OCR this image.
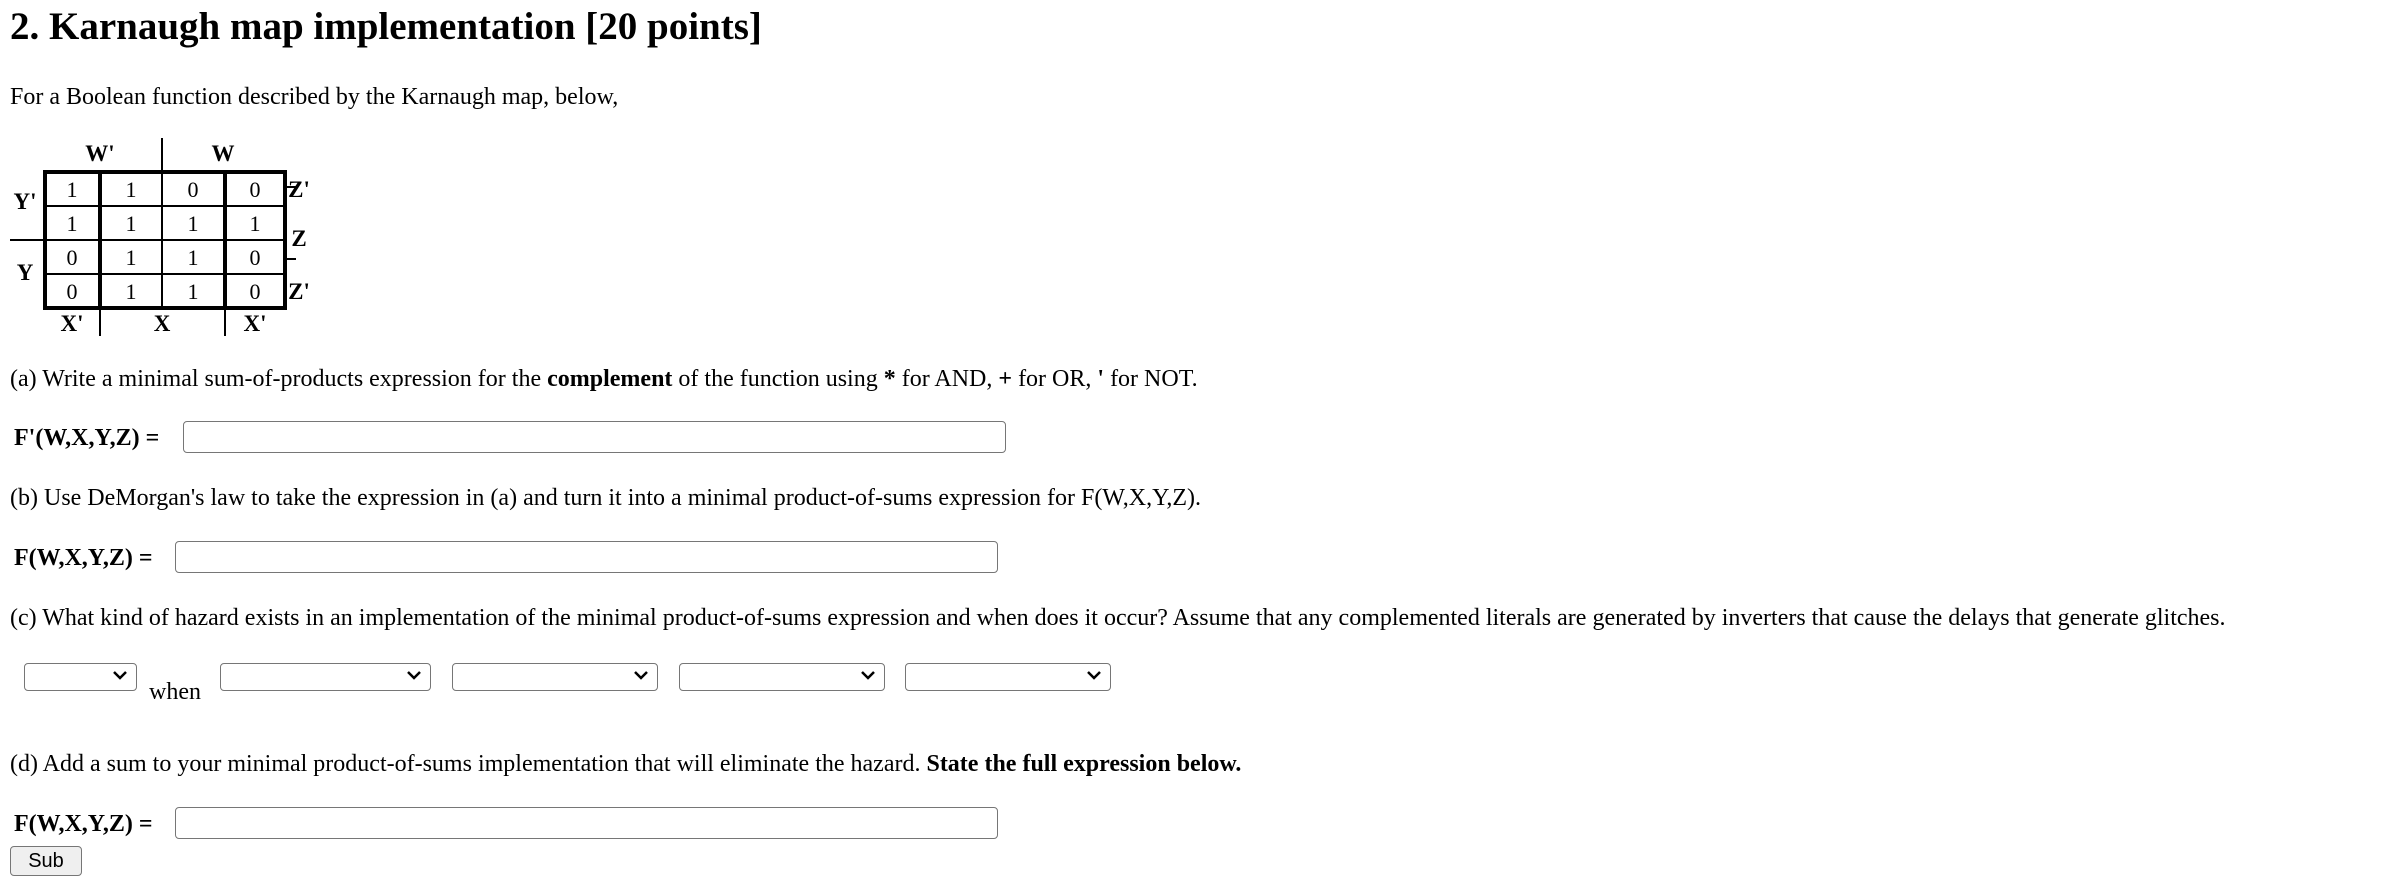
2. Karnaugh map implementation [20 points]
For a Boolean function described by the Karnaugh map, below,
W'	W
Y'
Y
Z'
Z
Z'
X'	X	X'
1 1 0 0
1 1 1 1
0 1 1 0
0 1 1 0
(a) Write a minimal sum-of-products expression for the complement of the function using * for AND, + for OR, ' for NOT.
F'(W,X,Y,Z) =
(b) Use DeMorgan's law to take the expression in (a) and turn it into a minimal product-of-sums expression for F(W,X,Y,Z).
F(W,X,Y,Z) =
(c) What kind of hazard exists in an implementation of the minimal product-of-sums expression and when does it occur? Assume that any complemented literals are generated by inverters that cause the delays that generate glitches.
when
(d) Add a sum to your minimal product-of-sums implementation that will eliminate the hazard. State the full expression below.
F(W,X,Y,Z) =
Sub
